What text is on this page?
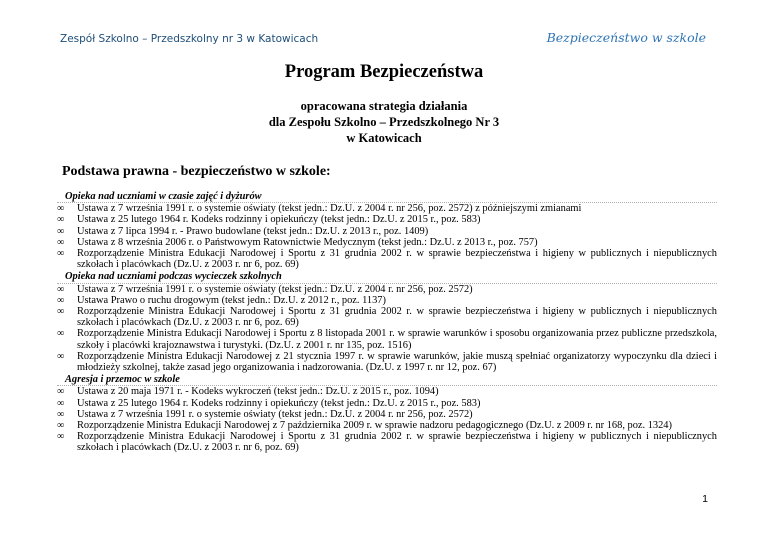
Zespół Szkolno – Przedszkolny nr 3 w Katowicach	Bezpieczeństwo w szkole
Program Bezpieczeństwa
opracowana strategia działania
dla Zespołu Szkolno – Przedszkolnego Nr 3
w Katowicach
Podstawa prawna - bezpieczeństwo w szkole:
Opieka nad uczniami w czasie zajęć i dyżurów
∞ Ustawa z 7 września 1991 r. o systemie oświaty (tekst jedn.: Dz.U. z 2004 r. nr 256, poz. 2572) z późniejszymi zmianami
∞ Ustawa z 25 lutego 1964 r. Kodeks rodzinny i opiekuńczy (tekst jedn.: Dz.U. z 2015 r., poz. 583)
∞ Ustawa z 7 lipca 1994 r. - Prawo budowlane (tekst jedn.: Dz.U. z 2013 r., poz. 1409)
∞ Ustawa z 8 września 2006 r. o Państwowym Ratownictwie Medycznym (tekst jedn.: Dz.U. z 2013 r., poz. 757)
∞ Rozporządzenie Ministra Edukacji Narodowej i Sportu z 31 grudnia 2002 r. w sprawie bezpieczeństwa i higieny w publicznych i niepublicznych szkołach i placówkach (Dz.U. z 2003 r. nr 6, poz. 69)
Opieka nad uczniami podczas wycieczek szkolnych
∞ Ustawa z 7 września 1991 r. o systemie oświaty (tekst jedn.: Dz.U. z 2004 r. nr 256, poz. 2572)
∞ Ustawa Prawo o ruchu drogowym (tekst jedn.: Dz.U. z 2012 r., poz. 1137)
∞ Rozporządzenie Ministra Edukacji Narodowej i Sportu z 31 grudnia 2002 r. w sprawie bezpieczeństwa i higieny w publicznych i niepublicznych szkołach i placówkach (Dz.U. z 2003 r. nr 6, poz. 69)
∞ Rozporządzenie Ministra Edukacji Narodowej i Sportu z 8 listopada 2001 r. w sprawie warunków i sposobu organizowania przez publiczne przedszkola, szkoły i placówki krajoznawstwa i turystyki. (Dz.U. z 2001 r. nr 135, poz. 1516)
∞ Rozporządzenie Ministra Edukacji Narodowej z 21 stycznia 1997 r. w sprawie warunków, jakie muszą spełniać organizatorzy wypoczynku dla dzieci i młodzieży szkolnej, także zasad jego organizowania i nadzorowania. (Dz.U. z 1997 r. nr 12, poz. 67)
Agresja i przemoc w szkole
∞ Ustawa z 20 maja 1971 r. - Kodeks wykroczeń (tekst jedn.: Dz.U. z 2015 r., poz. 1094)
∞ Ustawa z 25 lutego 1964 r. Kodeks rodzinny i opiekuńczy (tekst jedn.: Dz.U. z 2015 r., poz. 583)
∞ Ustawa z 7 września 1991 r. o systemie oświaty (tekst jedn.: Dz.U. z 2004 r. nr 256, poz. 2572)
∞ Rozporządzenie Ministra Edukacji Narodowej z 7 października 2009 r. w sprawie nadzoru pedagogicznego (Dz.U. z 2009 r. nr 168, poz. 1324)
∞ Rozporządzenie Ministra Edukacji Narodowej i Sportu z 31 grudnia 2002 r. w sprawie bezpieczeństwa i higieny w publicznych i niepublicznych szkołach i placówkach (Dz.U. z 2003 r. nr 6, poz. 69)
1
